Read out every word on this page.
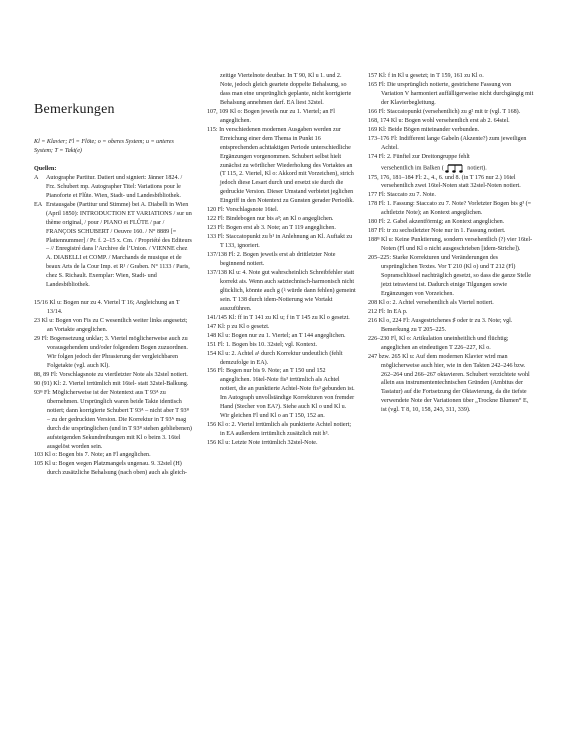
Bemerkungen

Kl = Klavier; Fl = Flöte; o = oberes System; u = unteres System; T = Takt(e)

Quellen:

A	Autographe Partitur. Datiert und signiert: Jänner 1824. / Frz. Schubert mp. Autographer Titel: Variations pour le Pianoforte et Flûte. Wien, Stadt- und Landesbibliothek.
EA Erstausgabe (Partitur und Stimme) bei A. Diabelli in Wien (April 1850): INTRODUCTION ET VARIATIONS / sur un thème original, / pour / PIANO et FLÛTE / par / FRANÇOIS SCHUBERT / Oeuvre 160. / N° 8889 [= Plattennummer] / Pr. f. 2–15 x. Cm. / Propriété des Editeurs – // Enregistré dans l’Archive de l’Union. / VIENNE chez A. DIABELLI et COMP. / Marchands de musique et de beaux Arts de la Cour Imp. et R¹ / Graben. N° 1133 / Paris, chez S. Richault. Exemplar: Wien, Stadt- und Landesbibliothek.

15/16 Kl u: Bogen nur zu 4. Viertel T 16; Angleichung an T 13/14.

23 Kl u: Bogen von Fis zu C wesentlich weiter links angesetzt; an Vortakte angeglichen.

29 Fl: Bogensetzung unklar; 3. Viertel möglicherweise auch zu vorausgehendem und/oder folgendem Bogen zuzuordnen. Wir folgen jedoch der Phrasierung der vergleichbaren Folgetakte (vgl. auch Kl).

88, 89 Fl: Vorschlagsnote zu viertletzter Note als 32stel notiert.

90 (91) Kl: 2. Viertel irrtümlich mit 16tel- statt 32stel-Balkung.

93ᴮ Fl: Möglicherweise ist der Notentext aus T 93ᴬ zu übernehmen. Ursprünglich waren beide Takte identisch notiert; dann korrigierte Schubert T 93ᴬ – nicht aber T 93ᴮ – zu der gedruckten Version. Die Korrektur in T 93ᴬ mag durch die ursprünglichen (und in T 93ᴮ stehen gebliebenen) aufsteigenden Sekundreibungen mit Kl o beim 3. 16tel ausgelöst worden sein.

103 Kl o: Bogen bis 7. Note; an Fl angeglichen.

105 Kl u: Bogen wegen Platzmangels ungenau. 9. 32stel (H) durch zusätzliche Behalsung (nach oben) auch als gleich-

zeitige Viertelnote deutbar. In T 90, Kl u 1. und 2. Note, jedoch gleich geartete doppelte Behalsung, so dass man eine ursprünglich geplante, nicht korrigierte Behalsung annehmen darf. EA liest 32stel.

107, 109 Kl o: Bogen jeweils nur zu 1. Viertel; an Fl angeglichen.

115: In verschiedenen modernen Ausgaben werden zur Erreichung einer dem Thema in Punkt 16 entsprechenden achttaktigen Periode unterschiedliche Ergänzungen vorgenommen. Schubert selbst hielt zunächst zu wörtlicher Wiederholung des Vortaktes an (T 115, 2. Viertel, Kl o: Akkord mit Vorzeichen), strich jedoch diese Lesart durch und ersetzt sie durch die gedruckte Version. Dieser Umstand verbietet jeglichen Eingriff in den Notentext zu Gunsten gerader Periodik.

120 Fl: Vorschlagsnote 16tel.

122 Fl: Bindebogen nur bis a³; an Kl o angeglichen.

123 Fl: Bogen erst ab 3. Note; an T 119 angeglichen.

133 Fl: Staccatopunkt zu b¹ in Anlehnung an Kl. Auftakt zu T 133, ignoriert.

137/138 Fl: 2. Bogen jeweils erst ab drittletzter Note beginnend notiert.

137/138 Kl u: 4. Note gut wahrscheinlich Schreibfehler statt korrekt ais. Wenn auch satztechnisch-harmonisch nicht glücklich, könnte auch g (♮ würde dann fehlen) gemeint sein. T 138 durch idem-Notierung wie Vortakt auszuführen.

141/145 Kl: ff in T 141 zu Kl u; f in T 145 zu Kl o gesetzt.

147 Kl: p zu Kl o gesetzt.

148 Kl u: Bogen nur zu 1. Viertel; an T 144 angeglichen.

151 Fl: 1. Bogen bis 10. 32stel; vgl. Kontext.

154 Kl u: 2. Achtel a¹ durch Korrektur undeutlich (fehlt demzufolge in EA).

156 Fl: Bogen nur bis 9. Note; an T 150 und 152 angeglichen. 16tel-Note fis³ irrtümlich als Achtel notiert, die an punktierte Achtel-Note fis³ gebunden ist. Im Autograph unvollständige Korrekturen von fremder Hand (Stecher von EA?). Siehe auch Kl o und Kl u. Wir gleichen Fl und Kl o an T 150, 152 an.

156 Kl o: 2. Viertel irrtümlich als punktierte Achtel notiert; in EA außerdem irrtümlich zusätzlich mit h³.

156 Kl u: Letzte Note irrtümlich 32stel-Note.

157 Kl: f in Kl u gesetzt; in T 159, 161 zu Kl o.

165 Fl: Die ursprünglich notierte, gestrichene Fassung von Variation V harmoniert auffälligerweise nicht durchgängig mit der Klavierbegleitung.

166 Fl: Staccatopunkt (versehentlich) zu g² mit tr (vgl. T 168).

168, 174 Kl u: Bogen wohl versehentlich erst ab 2. 64stel.

169 Kl: Beide Bögen miteinander verbunden.

173–176 Fl: Indifferent lange Gabeln (Akzente?) zum jeweiligen Achtel.

174 Fl: 2. Fünftel zur Dreitongruppe fehlt

versehentlich im Balken (	notiert).

175, 176, 181–184 Fl: 2., 4., 6. und 8. (in T 176 nur 2.) 16tel versehentlich zwei 16tel-Noten statt 32stel-Noten notiert.

177 Fl: Staccato zu 7. Note.

178 Fl: 1. Fassung: Staccato zu 7. Note? Vorletzter Bogen bis g³ (= achtletzte Note); an Kontext angeglichen.

180 Fl: 2. Gabel akzentförmig; an Kontext angeglichen.

187 Fl: tr zu sechstletzter Note nur in 1. Fassung notiert.

188ᴮ Kl u: Keine Punktierung, sondern versehentlich (?) vier 16tel-Noten (Fl und Kl o nicht ausgeschrieben [idem-Striche]).

205–225: Starke Korrekturen und Veränderungen des ursprünglichen Textes. Vor T 210 (Kl o) und T 212 (Fl) Sopranschlüssel nachträglich gesetzt, so dass die ganze Stelle jetzt tetravierst ist. Dadurch einige Tilgungen sowie Ergänzungen von Vorzeichen.

208 Kl o: 2. Achtel versehentlich als Viertel notiert.

212 Fl: In EA p.

216 Kl o, 224 Fl: Ausgestrichenes ♯ oder tr zu 3. Note; vgl. Bemerkung zu T 205–225.

226–230 Fl, Kl o: Artikulation uneinheitlich und flüchtig; angeglichen an eindeutigen T 226–227, Kl o.

247 bzw. 265 Kl u: Auf dem modernen Klavier wird man möglicherweise auch hier, wie in den Takten 242–246 bzw. 262–264 und 266–267 oktavieren. Schubert verzichtete wohl allein aus instrumententechnischen Gründen (Ambitus der Tastatur) auf die Fortsetzung der Oktavierung, da die tiefste verwendete Note der Variationen über „Trockne Blumen“ E₁ ist (vgl. T 8, 10, 158, 243, 311, 339).
